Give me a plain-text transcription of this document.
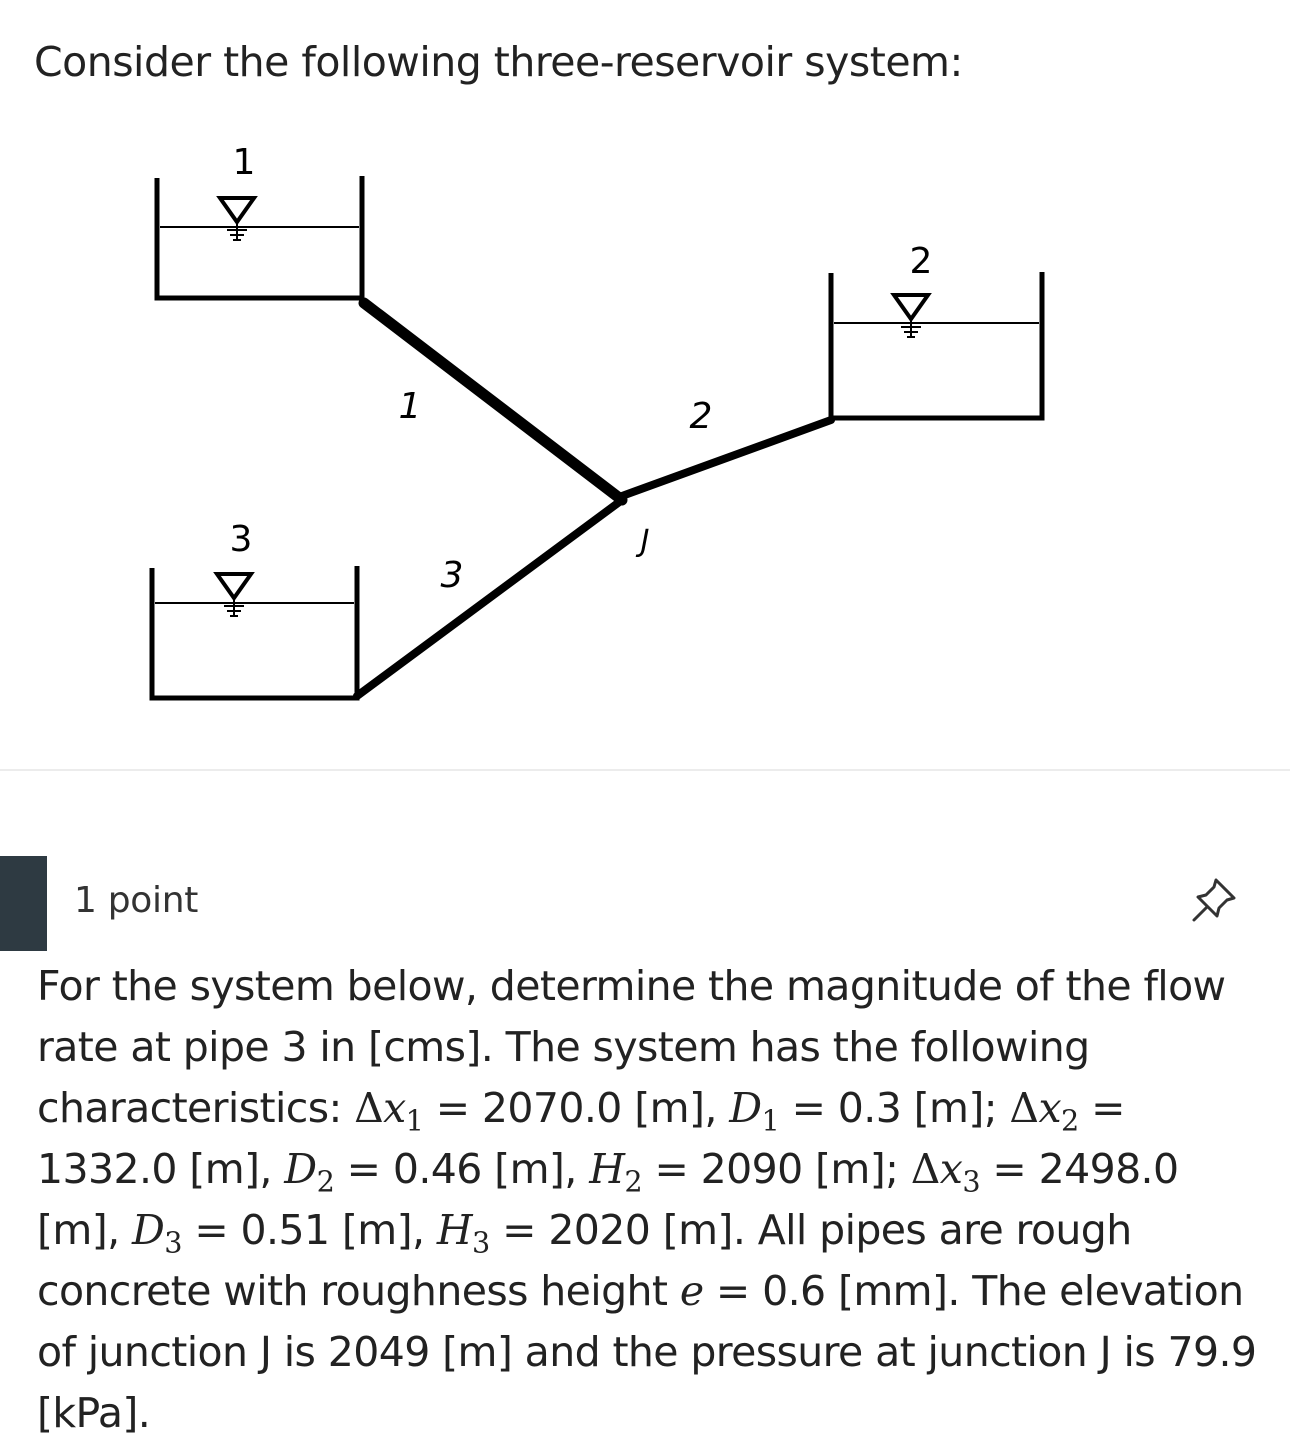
Consider the following three-reservoir system:
1
2
3
1	2
3
J
1 point

For the system below, determine the magnitude of the flow rate at pipe 3 in [cms]. The system has the following characteristics: $\Delta x_1 = 2070.0$ [m], $D_1 = 0.3$ [m]; $\Delta x_2 = 1332.0$ [m], $D_2 = 0.46$ [m], $H_2 = 2090$ [m]; $\Delta x_3 = 2498.0$ [m], $D_3 = 0.51$ [m], $H_3 = 2020$ [m]. All pipes are rough concrete with roughness height e = 0.6 [mm]. The elevation of junction J is 2049 [m] and the pressure at junction J is 79.9 [kPa].
